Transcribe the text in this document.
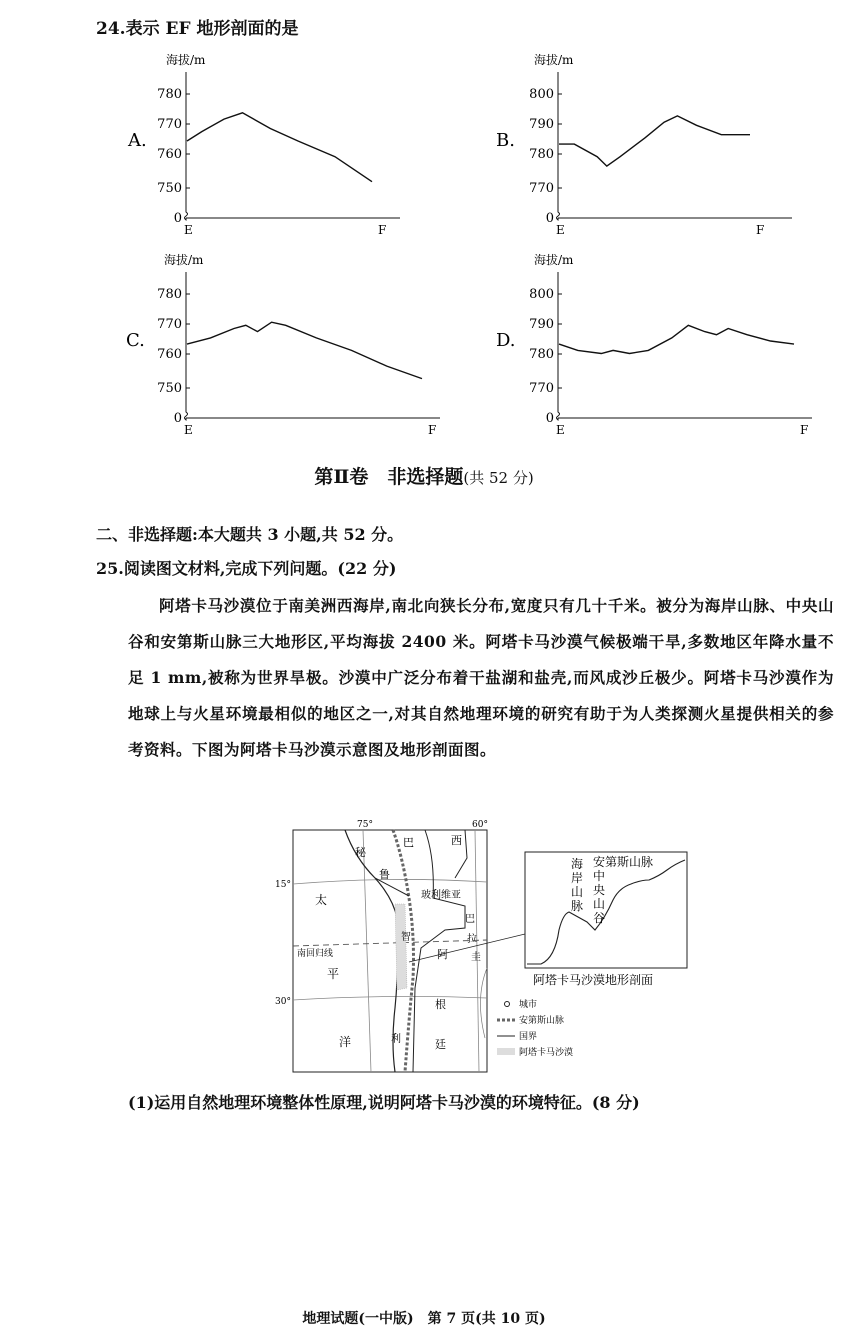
24.表示 EF 地形剖面的是
A.
海拔/m
780
770
760
750
0
E	F
B.
海拔/m
800
790
780
770
0
E	F
C.
海拔/m
780
770
760
750
0
E	F
D.
海拔/m
800
790
780
770
0
E	F
第Ⅱ卷　非选择题(共 52 分)
二、非选择题:本大题共 3 小题,共 52 分。
25.阅读图文材料,完成下列问题。(22 分)
阿塔卡马沙漠位于南美洲西海岸,南北向狭长分布,宽度只有几十千米。被分为海岸山脉、中央山谷和安第斯山脉三大地形区,平均海拔 2400 米。阿塔卡马沙漠气候极端干旱,多数地区年降水量不足 1 mm,被称为世界旱极。沙漠中广泛分布着干盐湖和盐壳,而风成沙丘极少。阿塔卡马沙漠作为地球上与火星环境最相似的地区之一,对其自然地理环境的研究有助于为人类探测火星提供相关的参考资料。下图为阿塔卡马沙漠示意图及地形剖面图。
75°	60°
15°
30°
南回归线
巴	西
秘
鲁
玻利维亚
巴
拉
圭
智
利
阿
根
廷
太
平
洋
海岸山脉
中央山谷
安第斯山脉
阿塔卡马沙漠地形剖面
城市
安第斯山脉
国界
阿塔卡马沙漠
(1)运用自然地理环境整体性原理,说明阿塔卡马沙漠的环境特征。(8 分)
地理试题(一中版)　第 7 页(共 10 页)
